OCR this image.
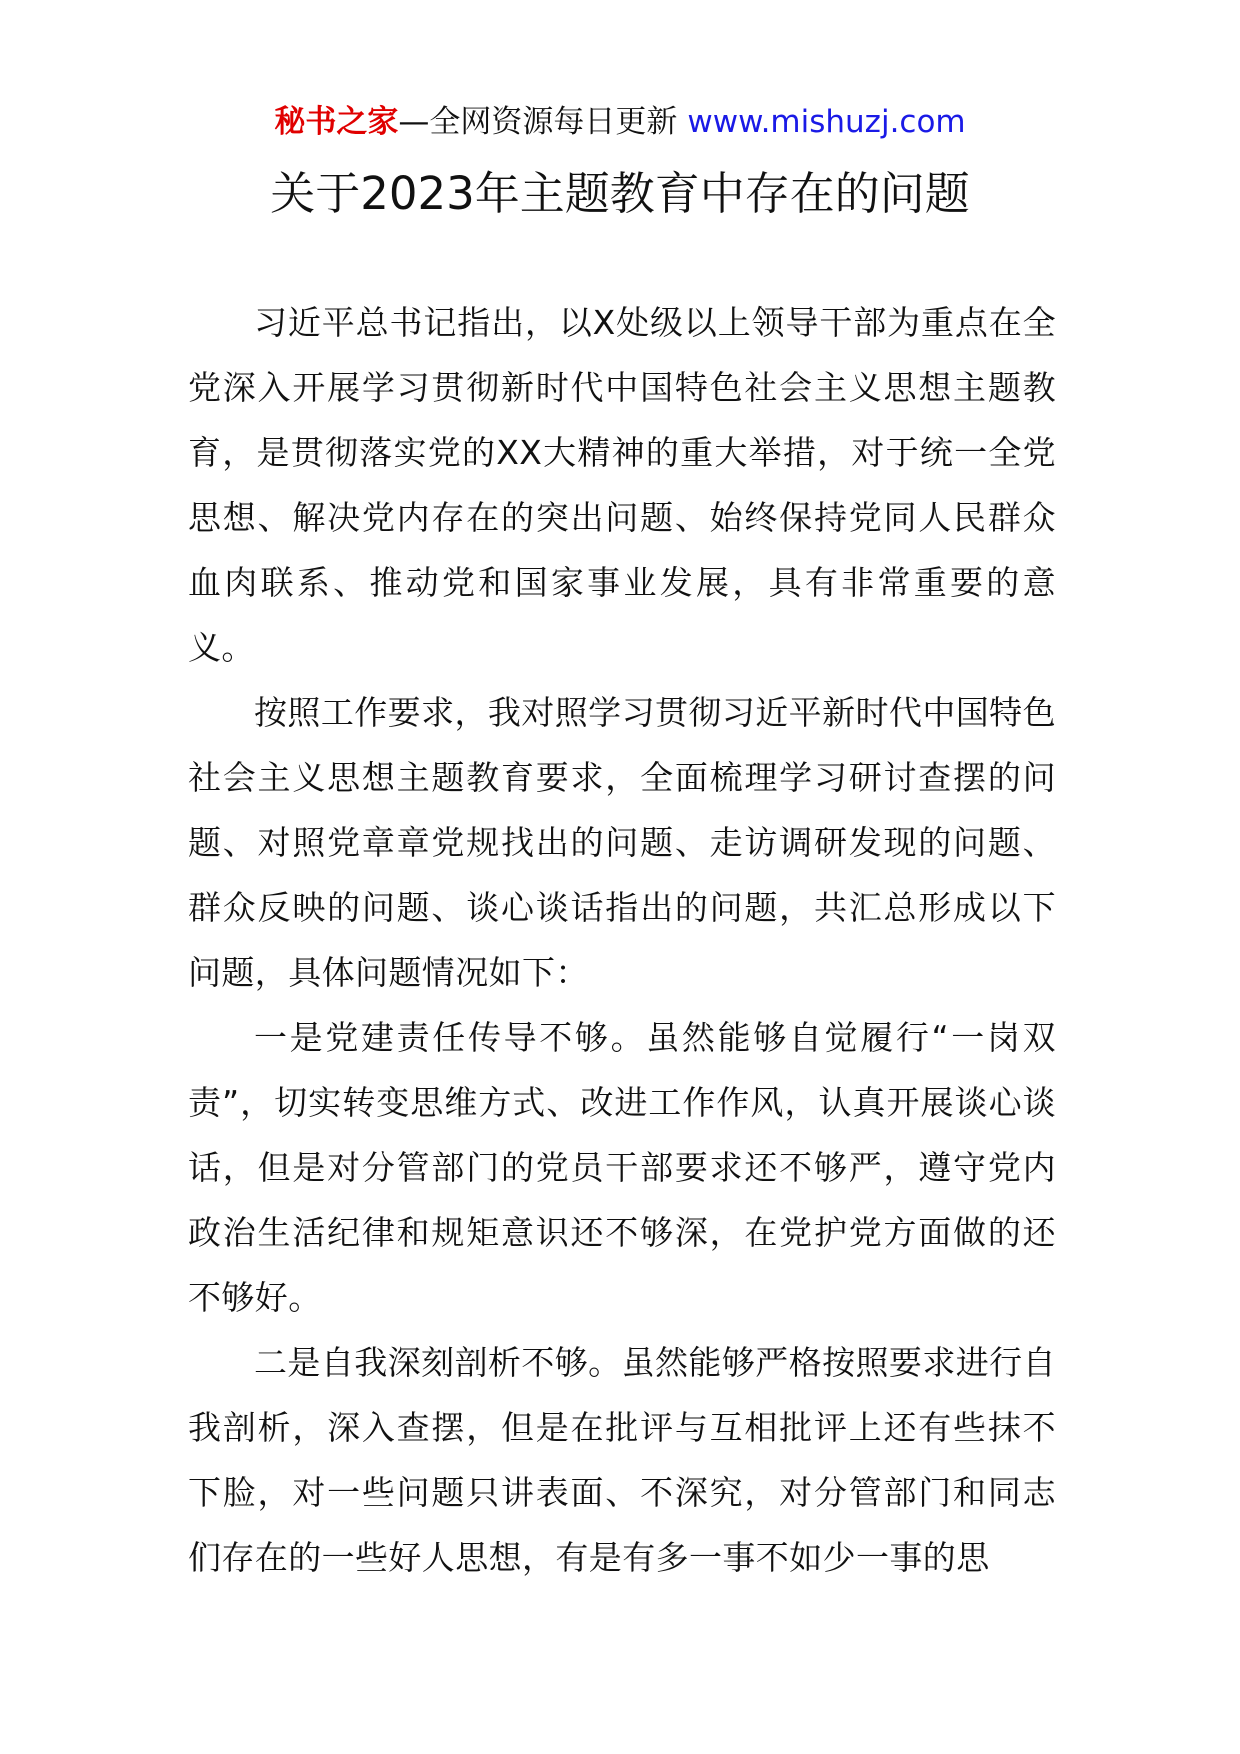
秘书之家—全网资源每日更新 www.mishuzj.com
关于2023年主题教育中存在的问题

习近平总书记指出，以X处级以上领导干部为重点在全党深入开展学习贯彻新时代中国特色社会主义思想主题教育，是贯彻落实党的XX大精神的重大举措，对于统一全党思想、解决党内存在的突出问题、始终保持党同人民群众血肉联系、推动党和国家事业发展，具有非常重要的意义。

按照工作要求，我对照学习贯彻习近平新时代中国特色社会主义思想主题教育要求，全面梳理学习研讨查摆的问题、对照党章章党规找出的问题、走访调研发现的问题、群众反映的问题、谈心谈话指出的问题，共汇总形成以下问题，具体问题情况如下：

一是党建责任传导不够。虽然能够自觉履行“一岗双责”，切实转变思维方式、改进工作作风，认真开展谈心谈话，但是对分管部门的党员干部要求还不够严，遵守党内政治生活纪律和规矩意识还不够深，在党护党方面做的还不够好。

二是自我深刻剖析不够。虽然能够严格按照要求进行自我剖析，深入查摆，但是在批评与互相批评上还有些抹不下脸，对一些问题只讲表面、不深究，对分管部门和同志们存在的一些好人思想，有是有多一事不如少一事的思
